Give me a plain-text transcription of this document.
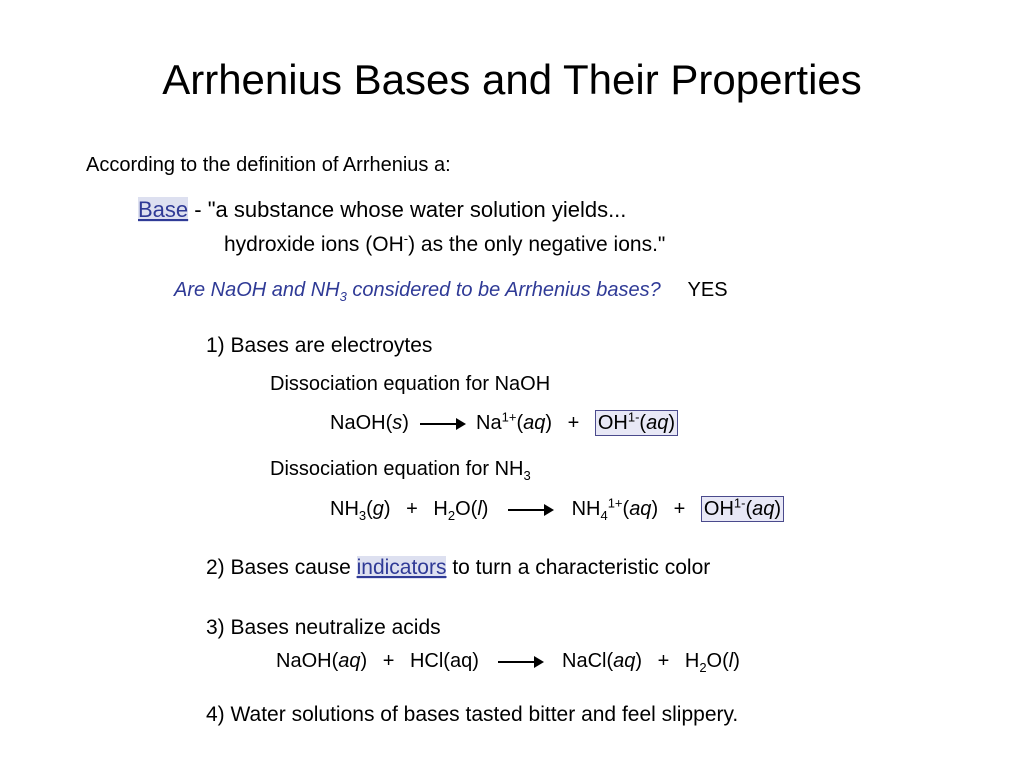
Arrhenius Bases and Their Properties
According to the definition of Arrhenius a:
Base - "a substance whose water solution yields...
hydroxide ions (OH-) as the only negative ions."
Are NaOH and $NH_3$ considered to be Arrhenius bases? YES
1) Bases are electroytes
Dissociation equation for NaOH
NaOH(s) → $Na^{1+}(aq) + OH^{1-}(aq)$
Dissociation equation for $NH_3$
$NH_3(g) + H_2O(l) \to NH_4^{1+}(aq) + OH^{1-}(aq)$
2) Bases cause indicators to turn a characteristic color
3) Bases neutralize acids
NaOH(aq) + HCl(aq) → NaCl(aq) + $H_2O(l)$
4) Water solutions of bases tasted bitter and feel slippery.
